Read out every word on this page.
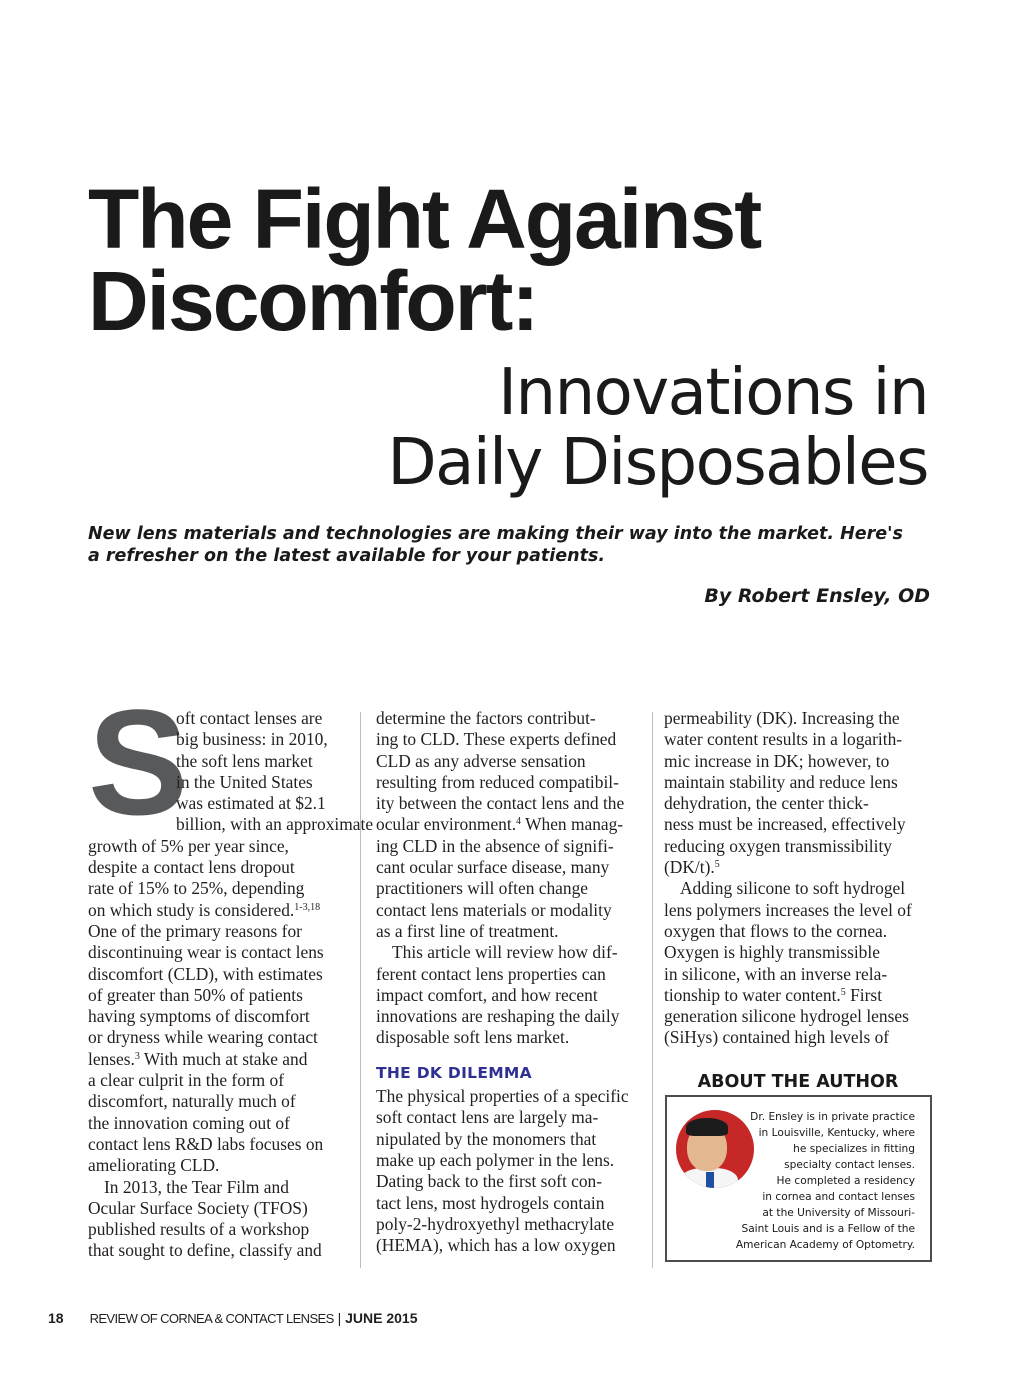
The Fight Against
Discomfort:
Innovations in
Daily Disposables
New lens materials and technologies are making their way into the market. Here's
a refresher on the latest available for your patients.
By Robert Ensley, OD
S
oft contact lenses are
big business: in 2010,
the soft lens market
in the United States
was estimated at $2.1
billion, with an approximate
growth of 5% per year since,
despite a contact lens dropout
rate of 15% to 25%, depending
on which study is considered.$^{1-3,18}$
One of the primary reasons for
discontinuing wear is contact lens
discomfort (CLD), with estimates
of greater than 50% of patients
having symptoms of discomfort
or dryness while wearing contact
lenses.$^3$ With much at stake and
a clear culprit in the form of
discomfort, naturally much of
the innovation coming out of
contact lens R&D labs focuses on
ameliorating CLD.
In 2013, the Tear Film and
Ocular Surface Society (TFOS)
published results of a workshop
that sought to define, classify and
determine the factors contribut-
ing to CLD. These experts defined
CLD as any adverse sensation
resulting from reduced compatibil-
ity between the contact lens and the
ocular environment.$^4$ When manag-
ing CLD in the absence of signifi-
cant ocular surface disease, many
practitioners will often change
contact lens materials or modality
as a first line of treatment.
This article will review how dif-
ferent contact lens properties can
impact comfort, and how recent
innovations are reshaping the daily
disposable soft lens market.
THE DK DILEMMA
The physical properties of a specific
soft contact lens are largely ma-
nipulated by the monomers that
make up each polymer in the lens.
Dating back to the first soft con-
tact lens, most hydrogels contain
poly-2-hydroxyethyl methacrylate
(HEMA), which has a low oxygen
permeability (DK). Increasing the
water content results in a logarith-
mic increase in DK; however, to
maintain stability and reduce lens
dehydration, the center thick-
ness must be increased, effectively
reducing oxygen transmissibility
(DK/t).$^5$
Adding silicone to soft hydrogel
lens polymers increases the level of
oxygen that flows to the cornea.
Oxygen is highly transmissible
in silicone, with an inverse rela-
tionship to water content.$^5$ First
generation silicone hydrogel lenses
(SiHys) contained high levels of
ABOUT THE AUTHOR
Dr. Ensley is in private practice
in Louisville, Kentucky, where
he specializes in fitting
specialty contact lenses.
He completed a residency
in cornea and contact lenses
at the University of Missouri-
Saint Louis and is a Fellow of the
American Academy of Optometry.
18 REVIEW OF CORNEA & CONTACT LENSES | JUNE 2015
